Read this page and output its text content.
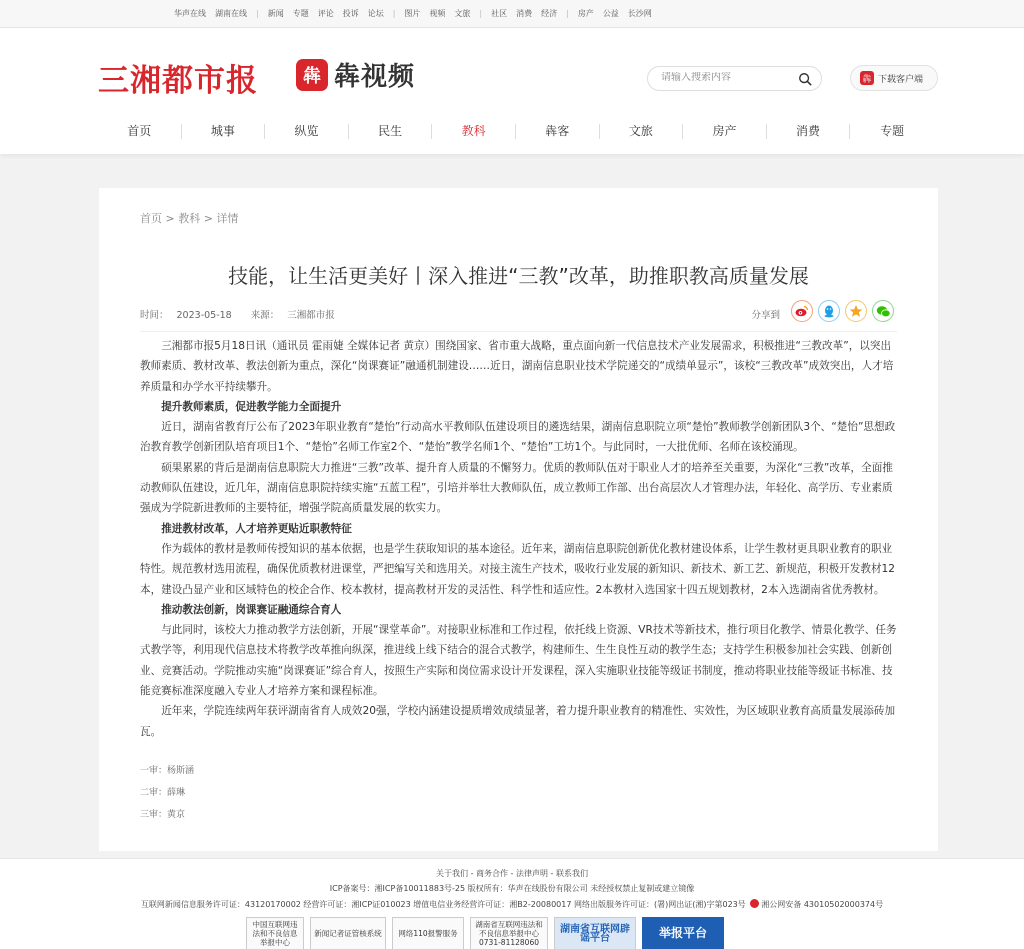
华声在线 湖南在线 | 新闻 专题 评论 投诉 论坛 | 图片 视频 文旅 | 社区 消费 经济 | 房产 公益 长沙网
三湘都市报	犇 犇视频
请输入搜索内容	犇 下载客户端
首页	城事	纵览	民生	教科	犇客	文旅	房产	消费	专题
首页 > 教科 > 详情
技能，让生活更美好丨深入推进“三教”改革，助推职教高质量发展
时间： 2023-05-18 来源： 三湘都市报	分享到

三湘都市报5月18日讯（通讯员 霍雨婕 全媒体记者 黄京）围绕国家、省市重大战略，重点面向新一代信息技术产业发展需求，积极推进“三教改革”，以突出教师素质、教材改革、教法创新为重点，深化“岗课赛证”融通机制建设……近日，湖南信息职业技术学院递交的“成绩单显示”，该校“三教改革”成效突出，人才培养质量和办学水平持续攀升。

提升教师素质，促进教学能力全面提升

近日，湖南省教育厅公布了2023年职业教育“楚怡”行动高水平教师队伍建设项目的遴选结果，湖南信息职院立项“楚怡”教师教学创新团队3个、“楚怡”思想政治教育教学创新团队培育项目1个、“楚怡”名师工作室2个、“楚怡”教学名师1个、“楚怡”工坊1个。与此同时，一大批优师、名师在该校涌现。

硕果累累的背后是湖南信息职院大力推进“三教”改革、提升育人质量的不懈努力。优质的教师队伍对于职业人才的培养至关重要，为深化“三教”改革，全面推动教师队伍建设，近几年，湖南信息职院持续实施“五蓝工程”，引培并举壮大教师队伍，成立教师工作部、出台高层次人才管理办法，年轻化、高学历、专业素质强成为学院新进教师的主要特征，增强学院高质量发展的软实力。

推进教材改革，人才培养更贴近职教特征

作为载体的教材是教师传授知识的基本依据，也是学生获取知识的基本途径。近年来，湖南信息职院创新优化教材建设体系，让学生教材更具职业教育的职业特性。规范教材选用流程，确保优质教材进课堂，严把编写关和选用关。对接主流生产技术，吸收行业发展的新知识、新技术、新工艺、新规范，积极开发教材12本，建设凸显产业和区域特色的校企合作、校本教材，提高教材开发的灵活性、科学性和适应性。2本教材入选国家十四五规划教材，2本入选湖南省优秀教材。

推动教法创新，岗课赛证融通综合育人

与此同时，该校大力推动教学方法创新，开展“课堂革命”。对接职业标准和工作过程，依托线上资源、VR技术等新技术，推行项目化教学、情景化教学、任务式教学等，利用现代信息技术将教学改革推向纵深，推进线上线下结合的混合式教学，构建师生、生生良性互动的教学生态；支持学生积极参加社会实践、创新创业、竞赛活动。学院推动实施“岗课赛证”综合育人，按照生产实际和岗位需求设计开发课程，深入实施职业技能等级证书制度，推动将职业技能等级证书标准、技能竞赛标准深度融入专业人才培养方案和课程标准。

近年来，学院连续两年获评湖南省育人成效20强，学校内涵建设提质增效成绩显著，着力提升职业教育的精准性、实效性，为区域职业教育高质量发展添砖加瓦。

一审：杨斯涵
二审：薛琳
三审：黄京
关于我们 - 商务合作 - 法律声明 - 联系我们
ICP备案号：湘ICP备10011883号-25 版权所有：华声在线股份有限公司 未经授权禁止复制或建立镜像
互联网新闻信息服务许可证：43120170002 经营许可证：湘ICP证010023 增值电信业务经营许可证：湘B2-20080017 网络出版服务许可证：(署)网出证(湘)字第023号 湘公网安备 43010502000374号
中国互联网违法和不良信息举报中心
新闻记者证管核系统	网络110报警服务
湖南省互联网违法和不良信息举报中心 0731-81128060
湖南省互联网辟谣平台	举报平台
